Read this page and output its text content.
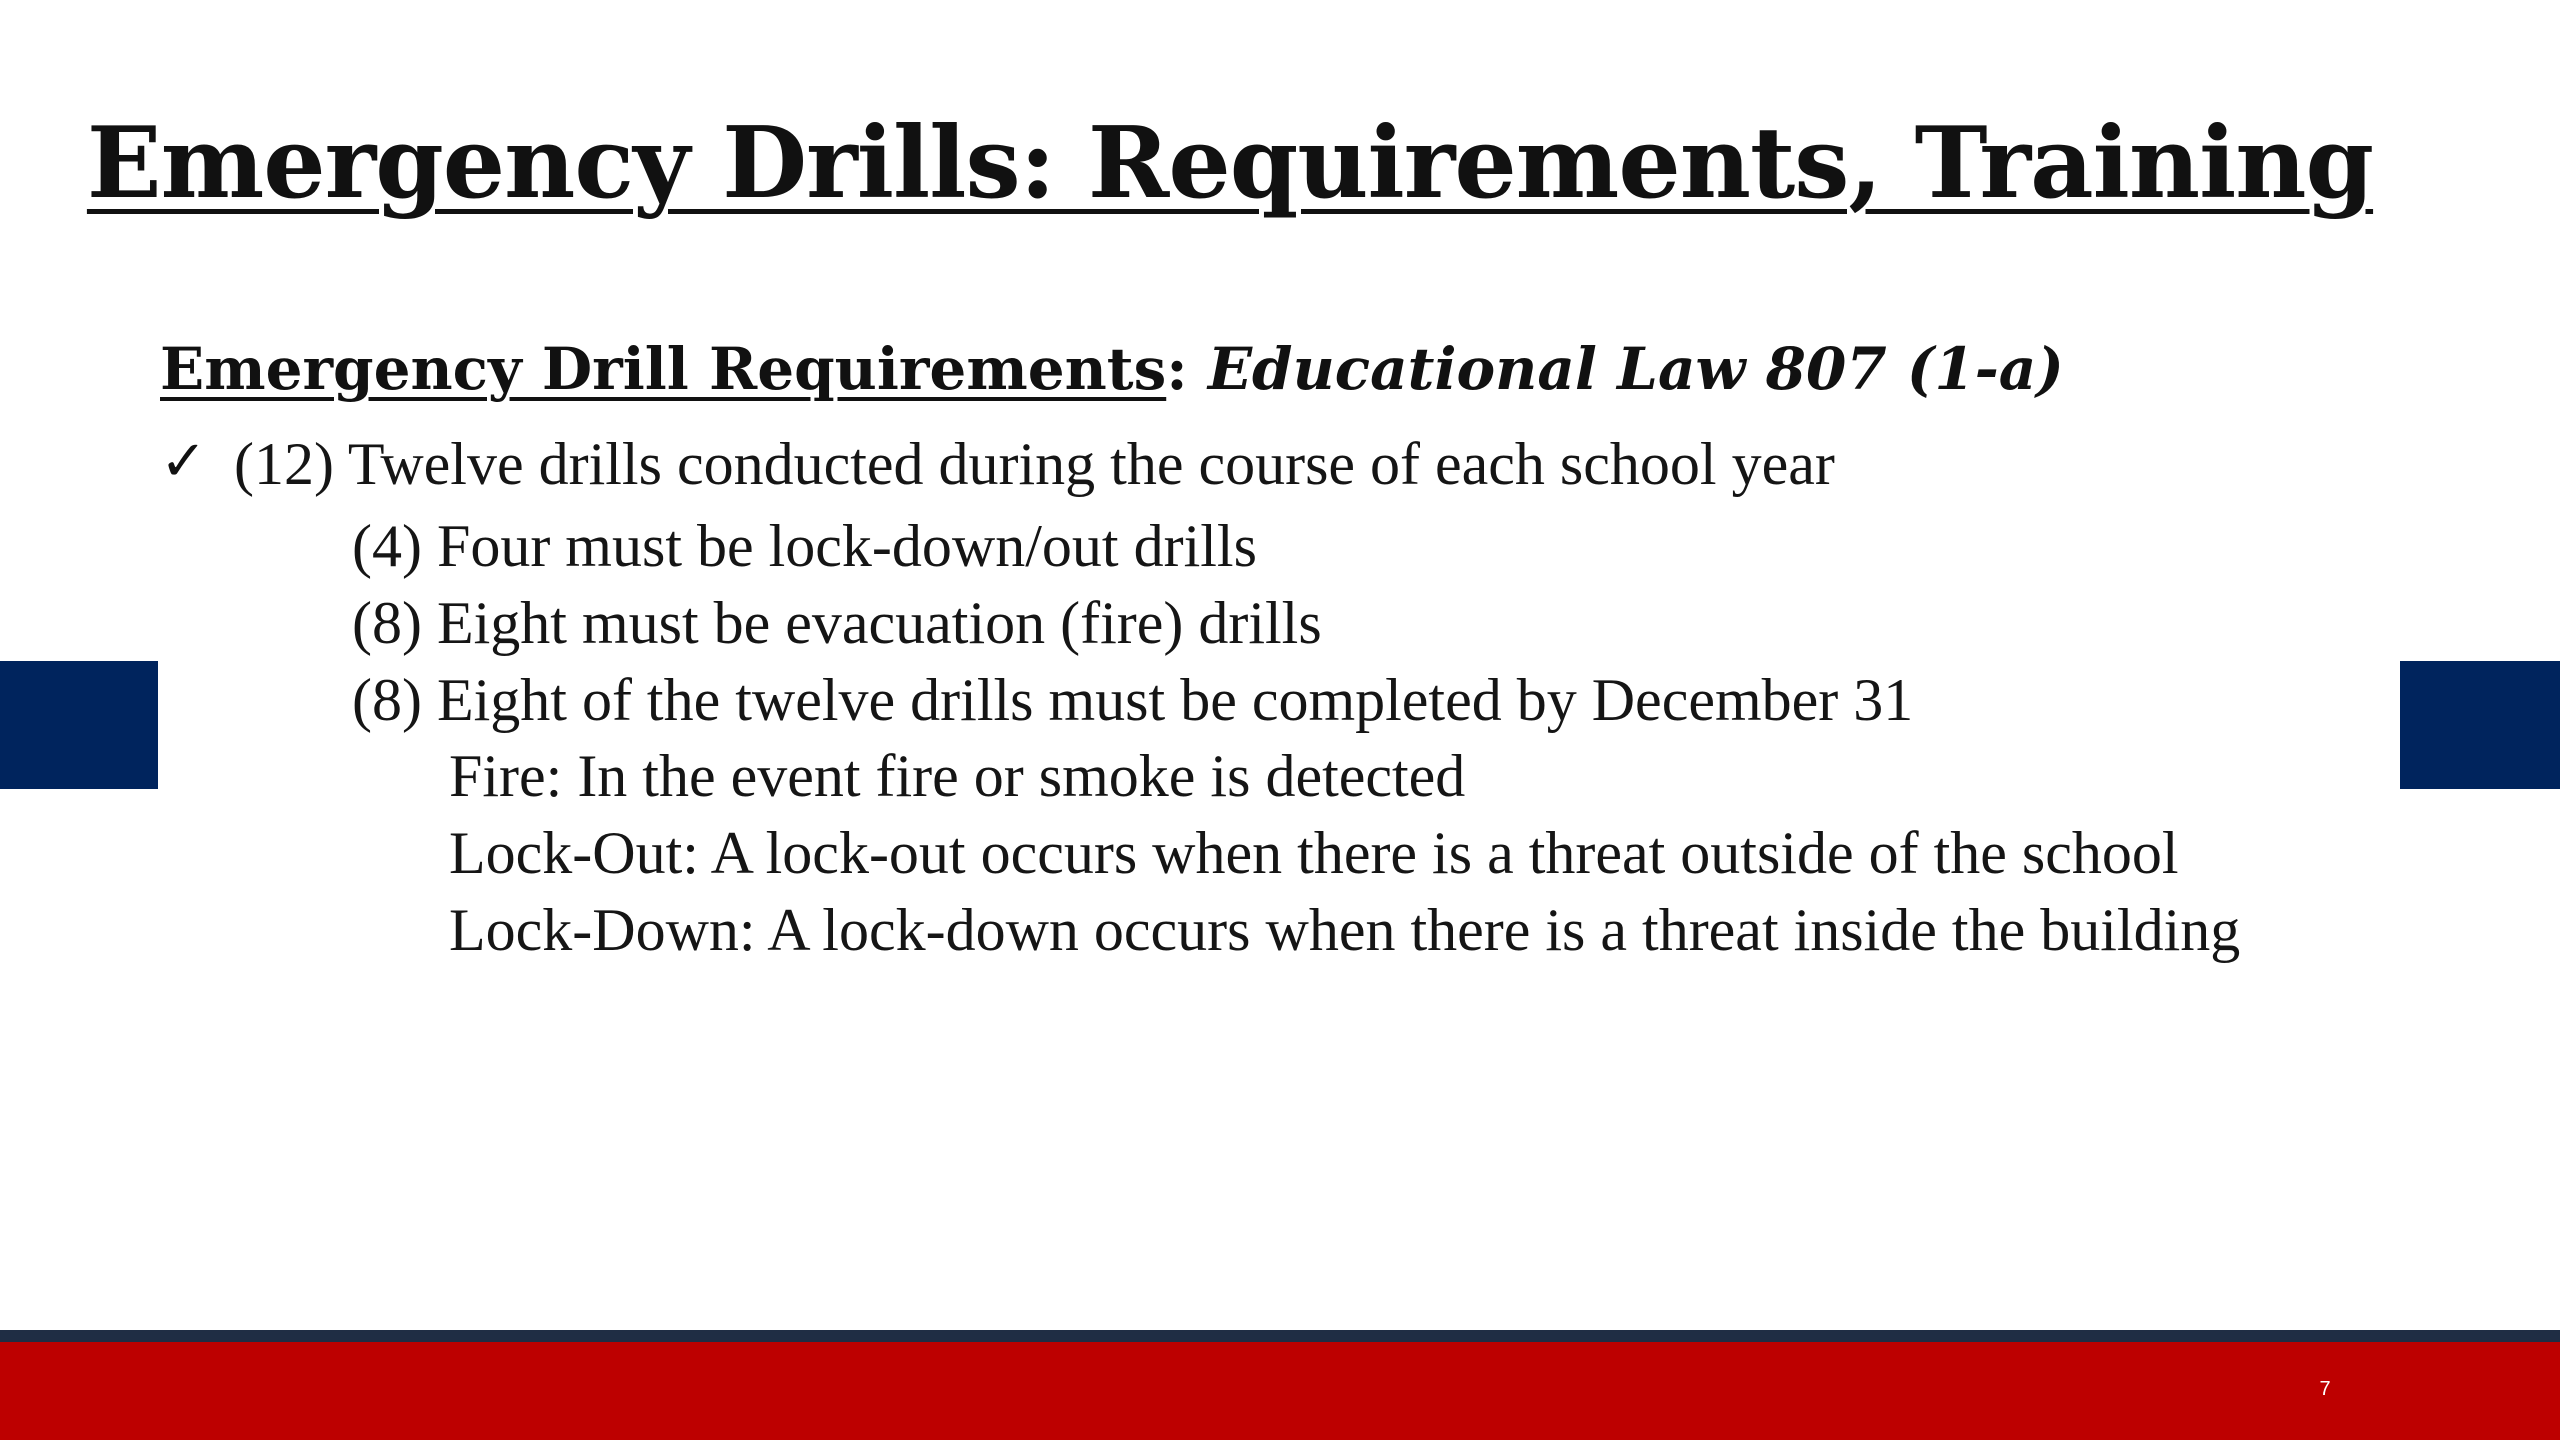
Emergency Drills: Requirements, Training
Emergency Drill Requirements: Educational Law 807 (1-a)
✓ (12) Twelve drills conducted during the course of each school year
(4) Four must be lock-down/out drills
(8) Eight must be evacuation (fire) drills
(8) Eight of the twelve drills must be completed by December 31
Fire: In the event fire or smoke is detected
Lock-Out: A lock-out occurs when there is a threat outside of the school
Lock-Down: A lock-down occurs when there is a threat inside the building
7
